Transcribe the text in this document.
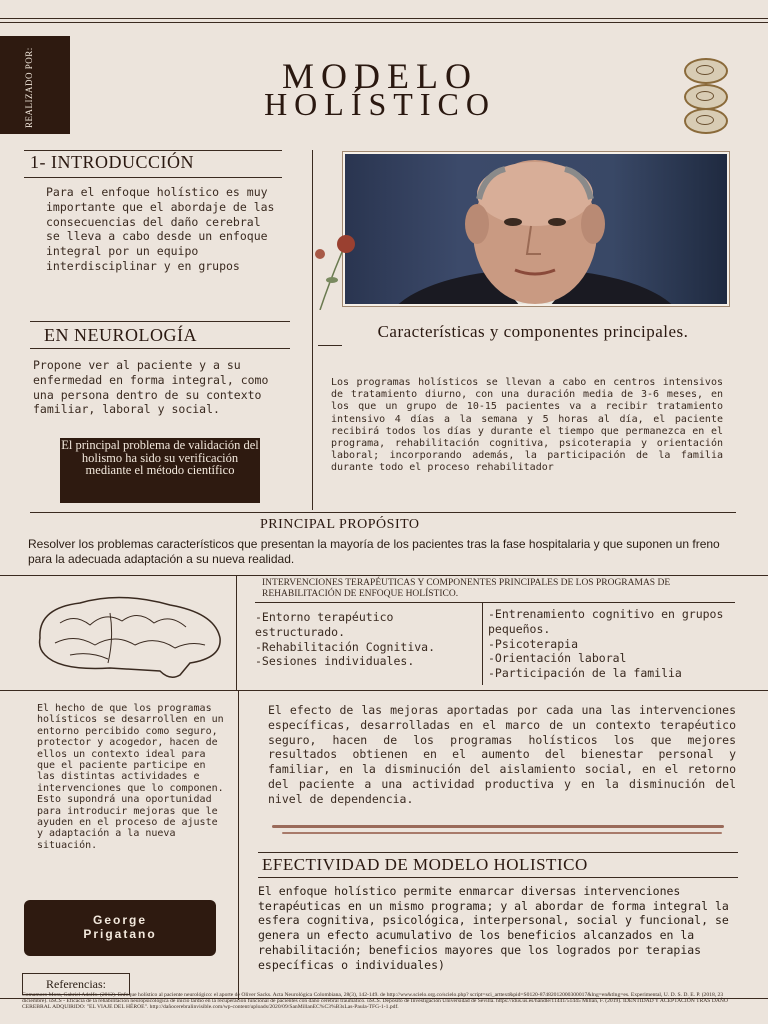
REALIZADO POR:	MODELO
HOLÍSTICO
1- INTRODUCCIÓN
Para el enfoque holístico es muy importante que el abordaje de las consecuencias del daño cerebral se lleva a cabo desde un enfoque integral por un equipo interdisciplinar y en grupos
EN NEUROLOGÍA
Propone ver al paciente y a su enfermedad en forma integral, como una persona dentro de su contexto familiar, laboral y social.
El principal problema de validación del holismo ha sido su verificación mediante el método científico
Características y componentes principales.
Los programas holísticos se llevan a cabo en centros intensivos de tratamiento diurno, con una duración media de 3-6 meses, en los que un grupo de 10-15 pacientes va a recibir tratamiento intensivo 4 días a la semana y 5 horas al día, el paciente recibirá todos los días y durante el tiempo que permanezca en el programa, rehabilitación cognitiva, psicoterapia y orientación laboral; incorporando además, la participación de la familia durante todo el proceso rehabilitador
PRINCIPAL PROPÓSITO
Resolver los problemas característicos que presentan la mayoría de los pacientes tras la fase hospitalaria y que suponen un freno para la adecuada adaptación a su nueva realidad.
INTERVENCIONES TERAPÉUTICAS Y COMPONENTES PRINCIPALES DE LOS PROGRAMAS DE REHABILITACIÓN DE ENFOQUE HOLÍSTICO.
-Entorno terapéutico estructurado.
-Rehabilitación Cognitiva.
-Sesiones individuales.
-Entrenamiento cognitivo en grupos pequeños.
-Psicoterapia
-Orientación laboral
-Participación de la familia
El hecho de que los programas holísticos se desarrollen en un entorno percibido como seguro, protector y acogedor, hacen de ellos un contexto ideal para que el paciente participe en las distintas actividades e intervenciones que lo componen. Esto supondrá una oportunidad para introducir mejoras que le ayuden en el proceso de ajuste y adaptación a la nueva situación.
El efecto de las mejoras aportadas por cada una las intervenciones específicas, desarrolladas en el marco de un contexto terapéutico seguro, hacen de los programas holísticos los que mejores resultados obtienen en el aumento del bienestar personal y familiar, en la disminución del aislamiento social, en el retorno del paciente a una actividad productiva y en la disminución del nivel de dependencia.
EFECTIVIDAD DE MODELO HOLISTICO
El enfoque holístico permite enmarcar diversas intervenciones terapéuticas en un mismo programa; y al abordar de forma integral la esfera cognitiva, psicológica, interpersonal, social y funcional, se genera un efecto acumulativo de los beneficios alcanzados en la rehabilitación; beneficios mayores que los logrados por terapias específicas o individuales)
George
Prigatano
Referencias:
Comamoro Mora, Gabriel Adolfo. (2012). Enfoque holístico al paciente neurológico: el aporte de Oliver Sacks. Acta Neurológica Colombiana, 28(3), 142-149. de http://www.scielo.org.co/scielo.php? script=sci_arttext&pid=S0120-87482012000300017&lng=en&tlng=es. Experimental, U. D. S. D. E. P. (2018, 23 diciembre). uSCS - Eficacia de la rehabilitación neuropsicológica de inicio tardío en la recuperación funcional de pacientes con daño cerebral traumático. uSCS. Depósito de Investigación Universidad de Sevilla. https://idus.us.es/handle/11441/51445 Millan, F. (2019). IDENTIDAD Y ACEPTACIÓN TRAS DAÑO CEREBRAL ADQUIRIDO: "EL VIAJE DEL HÉROE". http://dañocerebralinvisible.com/wp-content/uploads/2020/09/SanMillanEC%C3%B3sLas-Paula-TFG-1-1.pdf.
